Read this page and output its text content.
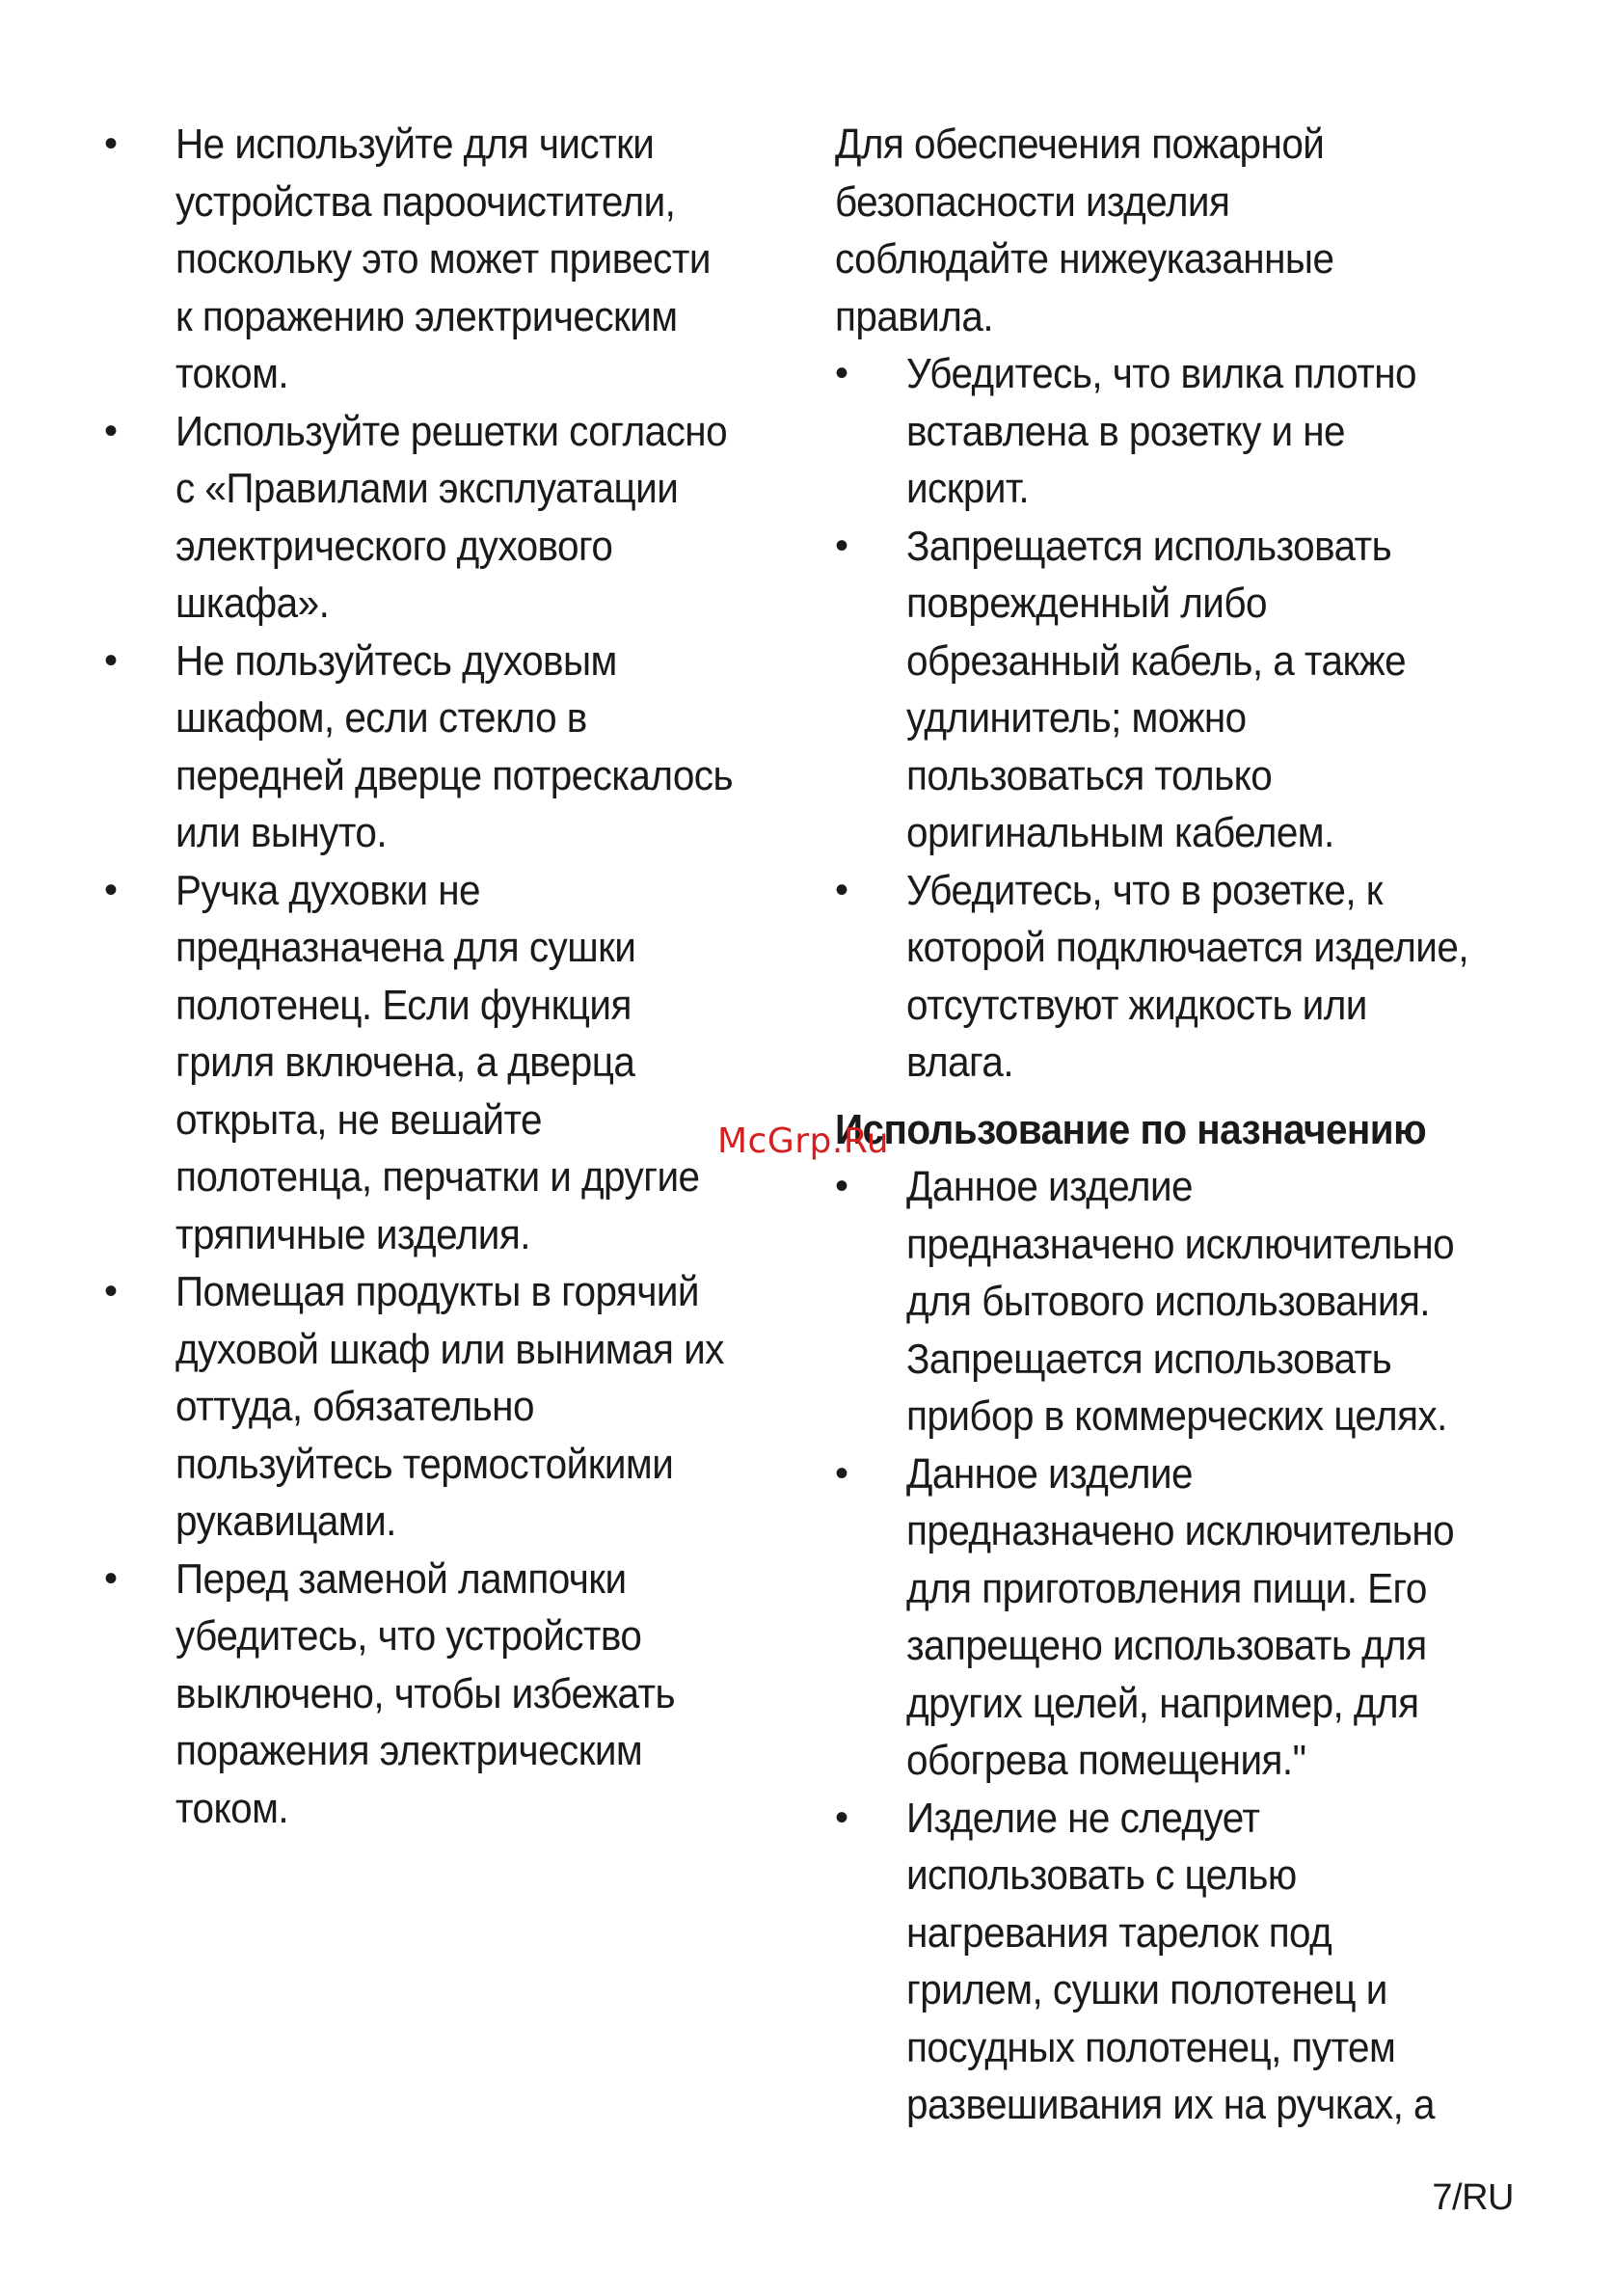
• Не используйте для чистки
устройства пароочистители,
поскольку это может привести
к поражению электрическим
током.
• Используйте решетки согласно
с «Правилами эксплуатации
электрического духового
шкафа».
• Не пользуйтесь духовым
шкафом, если стекло в
передней дверце потрескалось
или вынуто.
• Ручка духовки не
предназначена для сушки
полотенец. Если функция
гриля включена, а дверца
открыта, не вешайте
полотенца, перчатки и другие
тряпичные изделия.
• Помещая продукты в горячий
духовой шкаф или вынимая их
оттуда, обязательно
пользуйтесь термостойкими
рукавицами.
• Перед заменой лампочки
убедитесь, что устройство
выключено, чтобы избежать
поражения электрическим
током.
Для обеспечения пожарной
безопасности изделия
соблюдайте нижеуказанные
правила.
• Убедитесь, что вилка плотно
вставлена в розетку и не
искрит.
• Запрещается использовать
поврежденный либо
обрезанный кабель, а также
удлинитель; можно
пользоваться только
оригинальным кабелем.
• Убедитесь, что в розетке, к
которой подключается изделие,
отсутствуют жидкость или
влага.
Использование по назначению
• Данное изделие
предназначено исключительно
для бытового использования.
Запрещается использовать
прибор в коммерческих целях.
• Данное изделие
предназначено исключительно
для приготовления пищи. Его
запрещено использовать для
других целей, например, для
обогрева помещения."
• Изделие не следует
использовать с целью
нагревания тарелок под
грилем, сушки полотенец и
посудных полотенец, путем
развешивания их на ручках, а
McGrp.Ru
7/RU
